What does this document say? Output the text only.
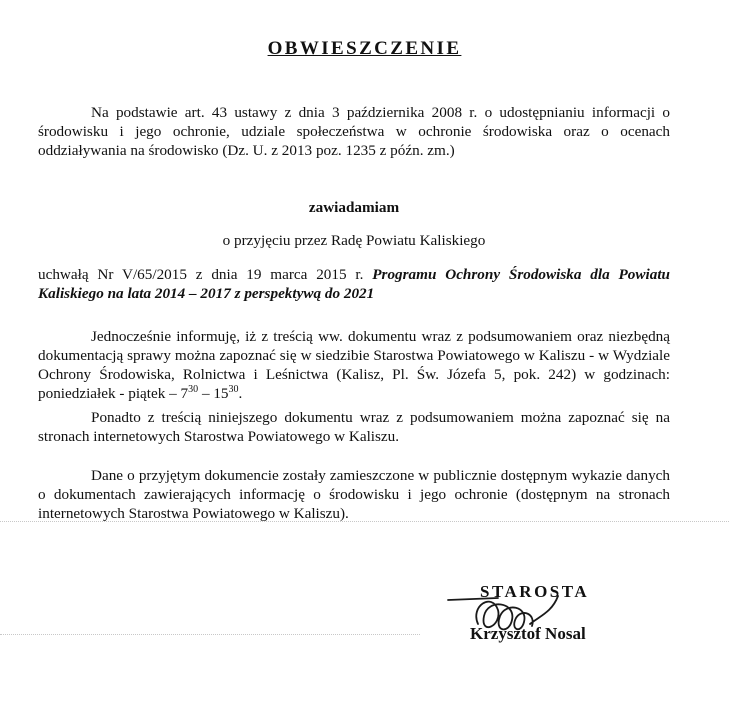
OBWIESZCZENIE
Na podstawie art. 43 ustawy z dnia 3 października 2008 r. o udostępnianiu informacji o środowisku i jego ochronie, udziale społeczeństwa w ochronie środowiska oraz o ocenach oddziaływania na środowisko (Dz. U. z 2013 poz. 1235 z późn. zm.)
zawiadamiam
o przyjęciu przez Radę Powiatu Kaliskiego
uchwałą Nr V/65/2015 z dnia 19 marca 2015 r. Programu Ochrony Środowiska dla Powiatu Kaliskiego na lata 2014 – 2017 z perspektywą do 2021
Jednocześnie informuję, iż z treścią ww. dokumentu wraz z podsumowaniem oraz niezbędną dokumentacją sprawy można zapoznać się w siedzibie Starostwa Powiatowego w Kaliszu - w Wydziale Ochrony Środowiska, Rolnictwa i Leśnictwa (Kalisz, Pl. Św. Józefa 5, pok. 242) w godzinach: poniedziałek - piątek – $7^{30} - 15^{30}$.
Ponadto z treścią niniejszego dokumentu wraz z podsumowaniem można zapoznać się na stronach internetowych Starostwa Powiatowego w Kaliszu.
Dane o przyjętym dokumencie zostały zamieszczone w publicznie dostępnym wykazie danych o dokumentach zawierających informację o środowisku i jego ochronie (dostępnym na stronach internetowych Starostwa Powiatowego w Kaliszu).
STAROSTA
Krzysztof Nosal
